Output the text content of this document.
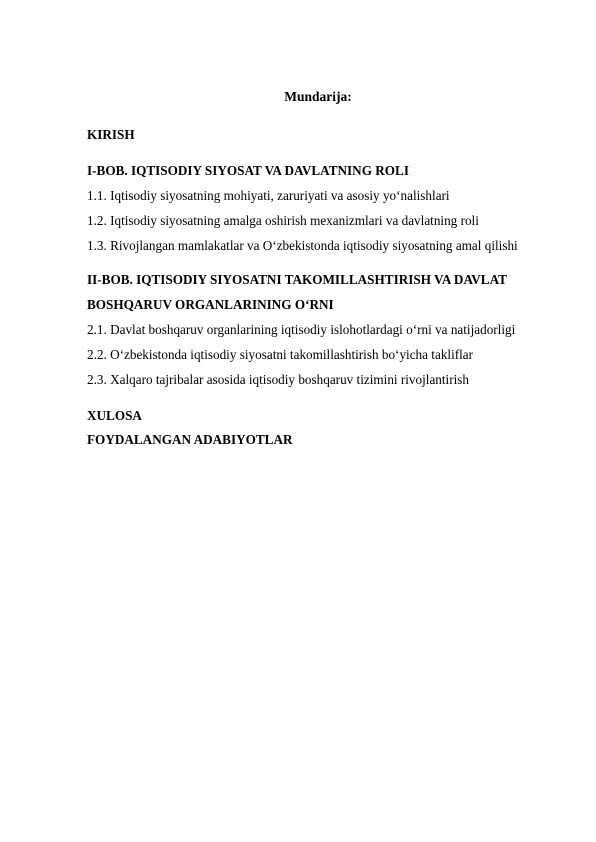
Mundarija:
KIRISH
I-BOB. IQTISODIY SIYOSAT VA DAVLATNING ROLI
1.1. Iqtisodiy siyosatning mohiyati, zaruriyati va asosiy yo‘nalishlari
1.2. Iqtisodiy siyosatning amalga oshirish mexanizmlari va davlatning roli
1.3. Rivojlangan mamlakatlar va O‘zbekistonda iqtisodiy siyosatning amal qilishi
II-BOB. IQTISODIY SIYOSATNI TAKOMILLASHTIRISH VA DAVLAT
BOSHQARUV ORGANLARINING O‘RNI
2.1. Davlat boshqaruv organlarining iqtisodiy islohotlardagi o‘rni va natijadorligi
2.2. O‘zbekistonda iqtisodiy siyosatni takomillashtirish bo‘yicha takliflar
2.3. Xalqaro tajribalar asosida iqtisodiy boshqaruv tizimini rivojlantirish
XULOSA
FOYDALANGAN ADABIYOTLAR
